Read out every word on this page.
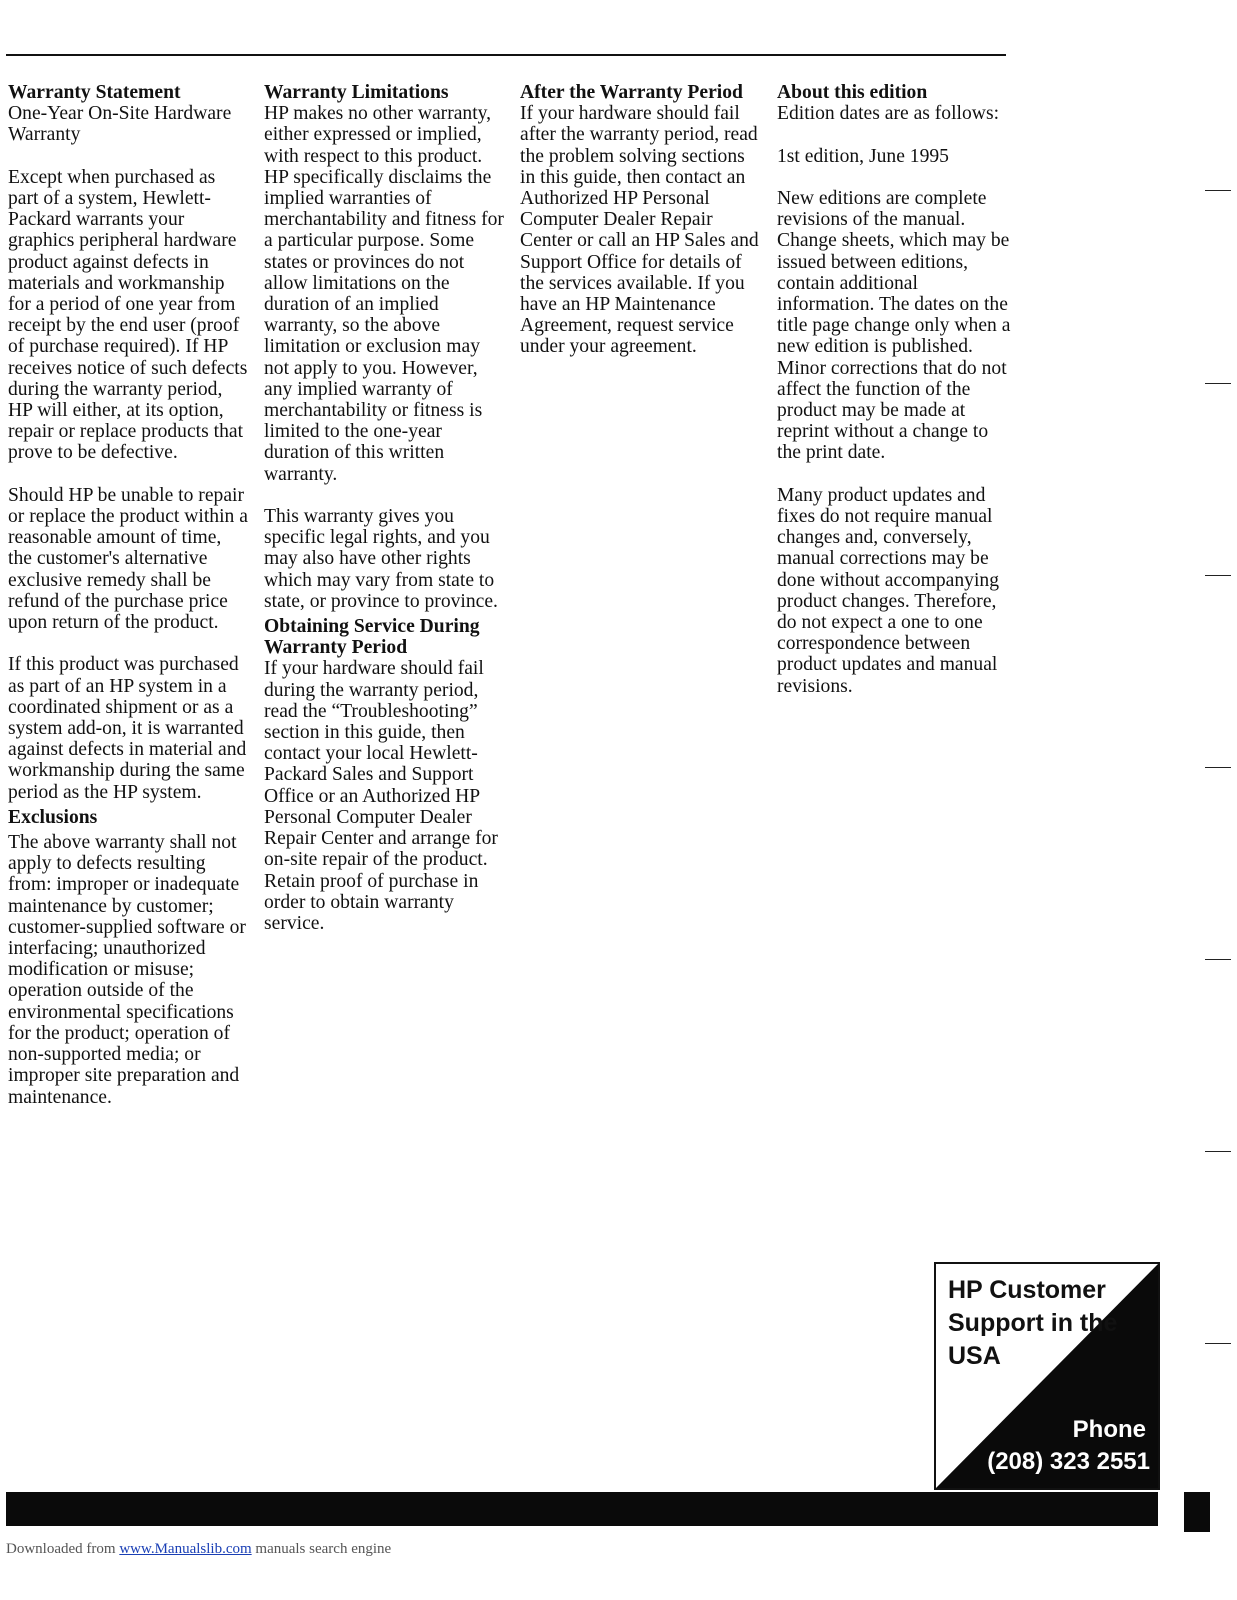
Warranty Statement

One-Year On-Site Hardware Warranty

Except when purchased as part of a system, Hewlett-Packard warrants your graphics peripheral hardware product against defects in materials and workmanship for a period of one year from receipt by the end user (proof of purchase required). If HP receives notice of such defects during the warranty period, HP will either, at its option, repair or replace products that prove to be defective.

Should HP be unable to repair or replace the product within a reasonable amount of time, the customer's alternative exclusive remedy shall be refund of the purchase price upon return of the product.

If this product was purchased as part of an HP system in a coordinated shipment or as a system add-on, it is warranted against defects in material and workmanship during the same period as the HP system.

Exclusions

The above warranty shall not apply to defects resulting from: improper or inadequate maintenance by customer; customer-supplied software or interfacing; unauthorized modification or misuse; operation outside of the environmental specifications for the product; operation of non-supported media; or improper site preparation and maintenance.

Warranty Limitations

HP makes no other warranty, either expressed or implied, with respect to this product. HP specifically disclaims the implied warranties of merchantability and fitness for a particular purpose. Some states or provinces do not allow limitations on the duration of an implied warranty, so the above limitation or exclusion may not apply to you. However, any implied warranty of merchantability or fitness is limited to the one-year duration of this written warranty.

This warranty gives you specific legal rights, and you may also have other rights which may vary from state to state, or province to province.

Obtaining Service During Warranty Period

If your hardware should fail during the warranty period, read the “Troubleshooting” section in this guide, then contact your local Hewlett-Packard Sales and Support Office or an Authorized HP Personal Computer Dealer Repair Center and arrange for on-site repair of the product. Retain proof of purchase in order to obtain warranty service.

After the Warranty Period

If your hardware should fail after the warranty period, read the problem solving sections in this guide, then contact an Authorized HP Personal Computer Dealer Repair Center or call an HP Sales and Support Office for details of the services available. If you have an HP Maintenance Agreement, request service under your agreement.

About this edition

Edition dates are as follows:

1st edition, June 1995

New editions are complete revisions of the manual. Change sheets, which may be issued between editions, contain additional information. The dates on the title page change only when a new edition is published. Minor corrections that do not affect the function of the product may be made at reprint without a change to the print date.

Many product updates and fixes do not require manual changes and, conversely, manual corrections may be done without accompanying product changes. Therefore, do not expect a one to one correspondence between product updates and manual revisions.

HP Customer Support in the USA
Phone
(208) 323 2551
Downloaded from www.Manualslib.com manuals search engine
